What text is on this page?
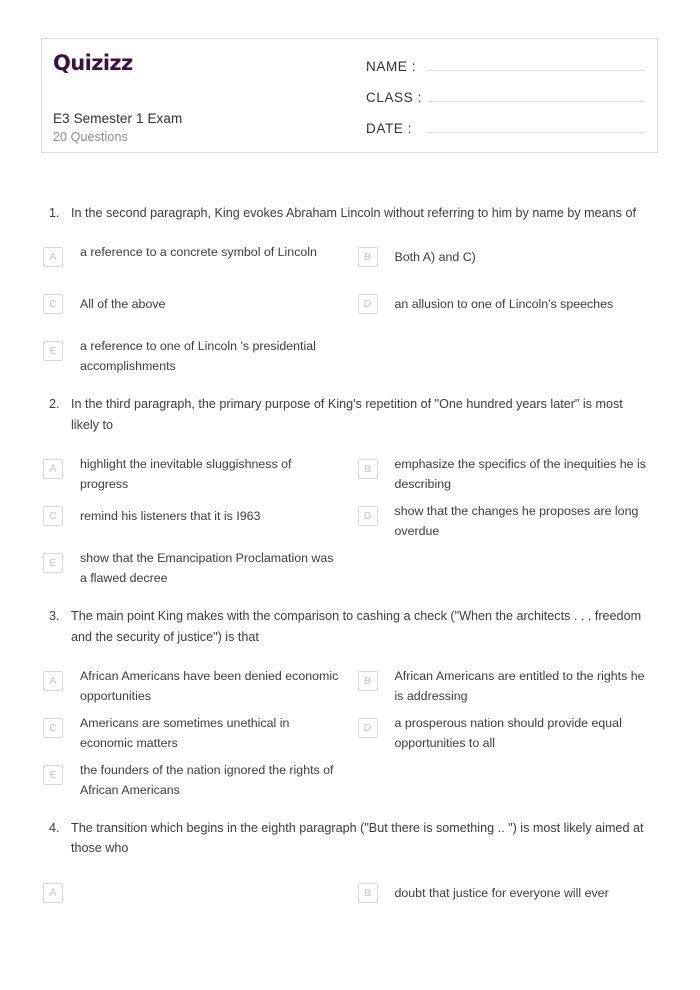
Quizizz
E3 Semester 1 Exam
20 Questions
NAME :
CLASS :
DATE :
1. In the second paragraph, King evokes Abraham Lincoln without referring to him by name by means of
A	a reference to a concrete symbol of Lincoln	B	Both A) and C)
C	All of the above	D	an allusion to one of Lincoln's speeches
E	a reference to one of Lincoln 's presidential accomplishments
2. In the third paragraph, the primary purpose of King's repetition of "One hundred years later" is most likely to
A	highlight the inevitable sluggishness of progress
B	emphasize the specifics of the inequities he is describing
C	remind his listeners that it is I963	D	show that the changes he proposes are long overdue
E	show that the Emancipation Proclamation was a flawed decree
3. The main point King makes with the comparison to cashing a check ("When the architects . . . freedom and the security of justice") is that
A	African Americans have been denied economic opportunities
B	African Americans are entitled to the rights he is addressing
C	Americans are sometimes unethical in economic matters
D	a prosperous nation should provide equal opportunities to all
E	the founders of the nation ignored the rights of African Americans
4. The transition which begins in the eighth paragraph ("But there is something .. ") is most likely aimed at those who
A	B	doubt that justice for everyone will ever
